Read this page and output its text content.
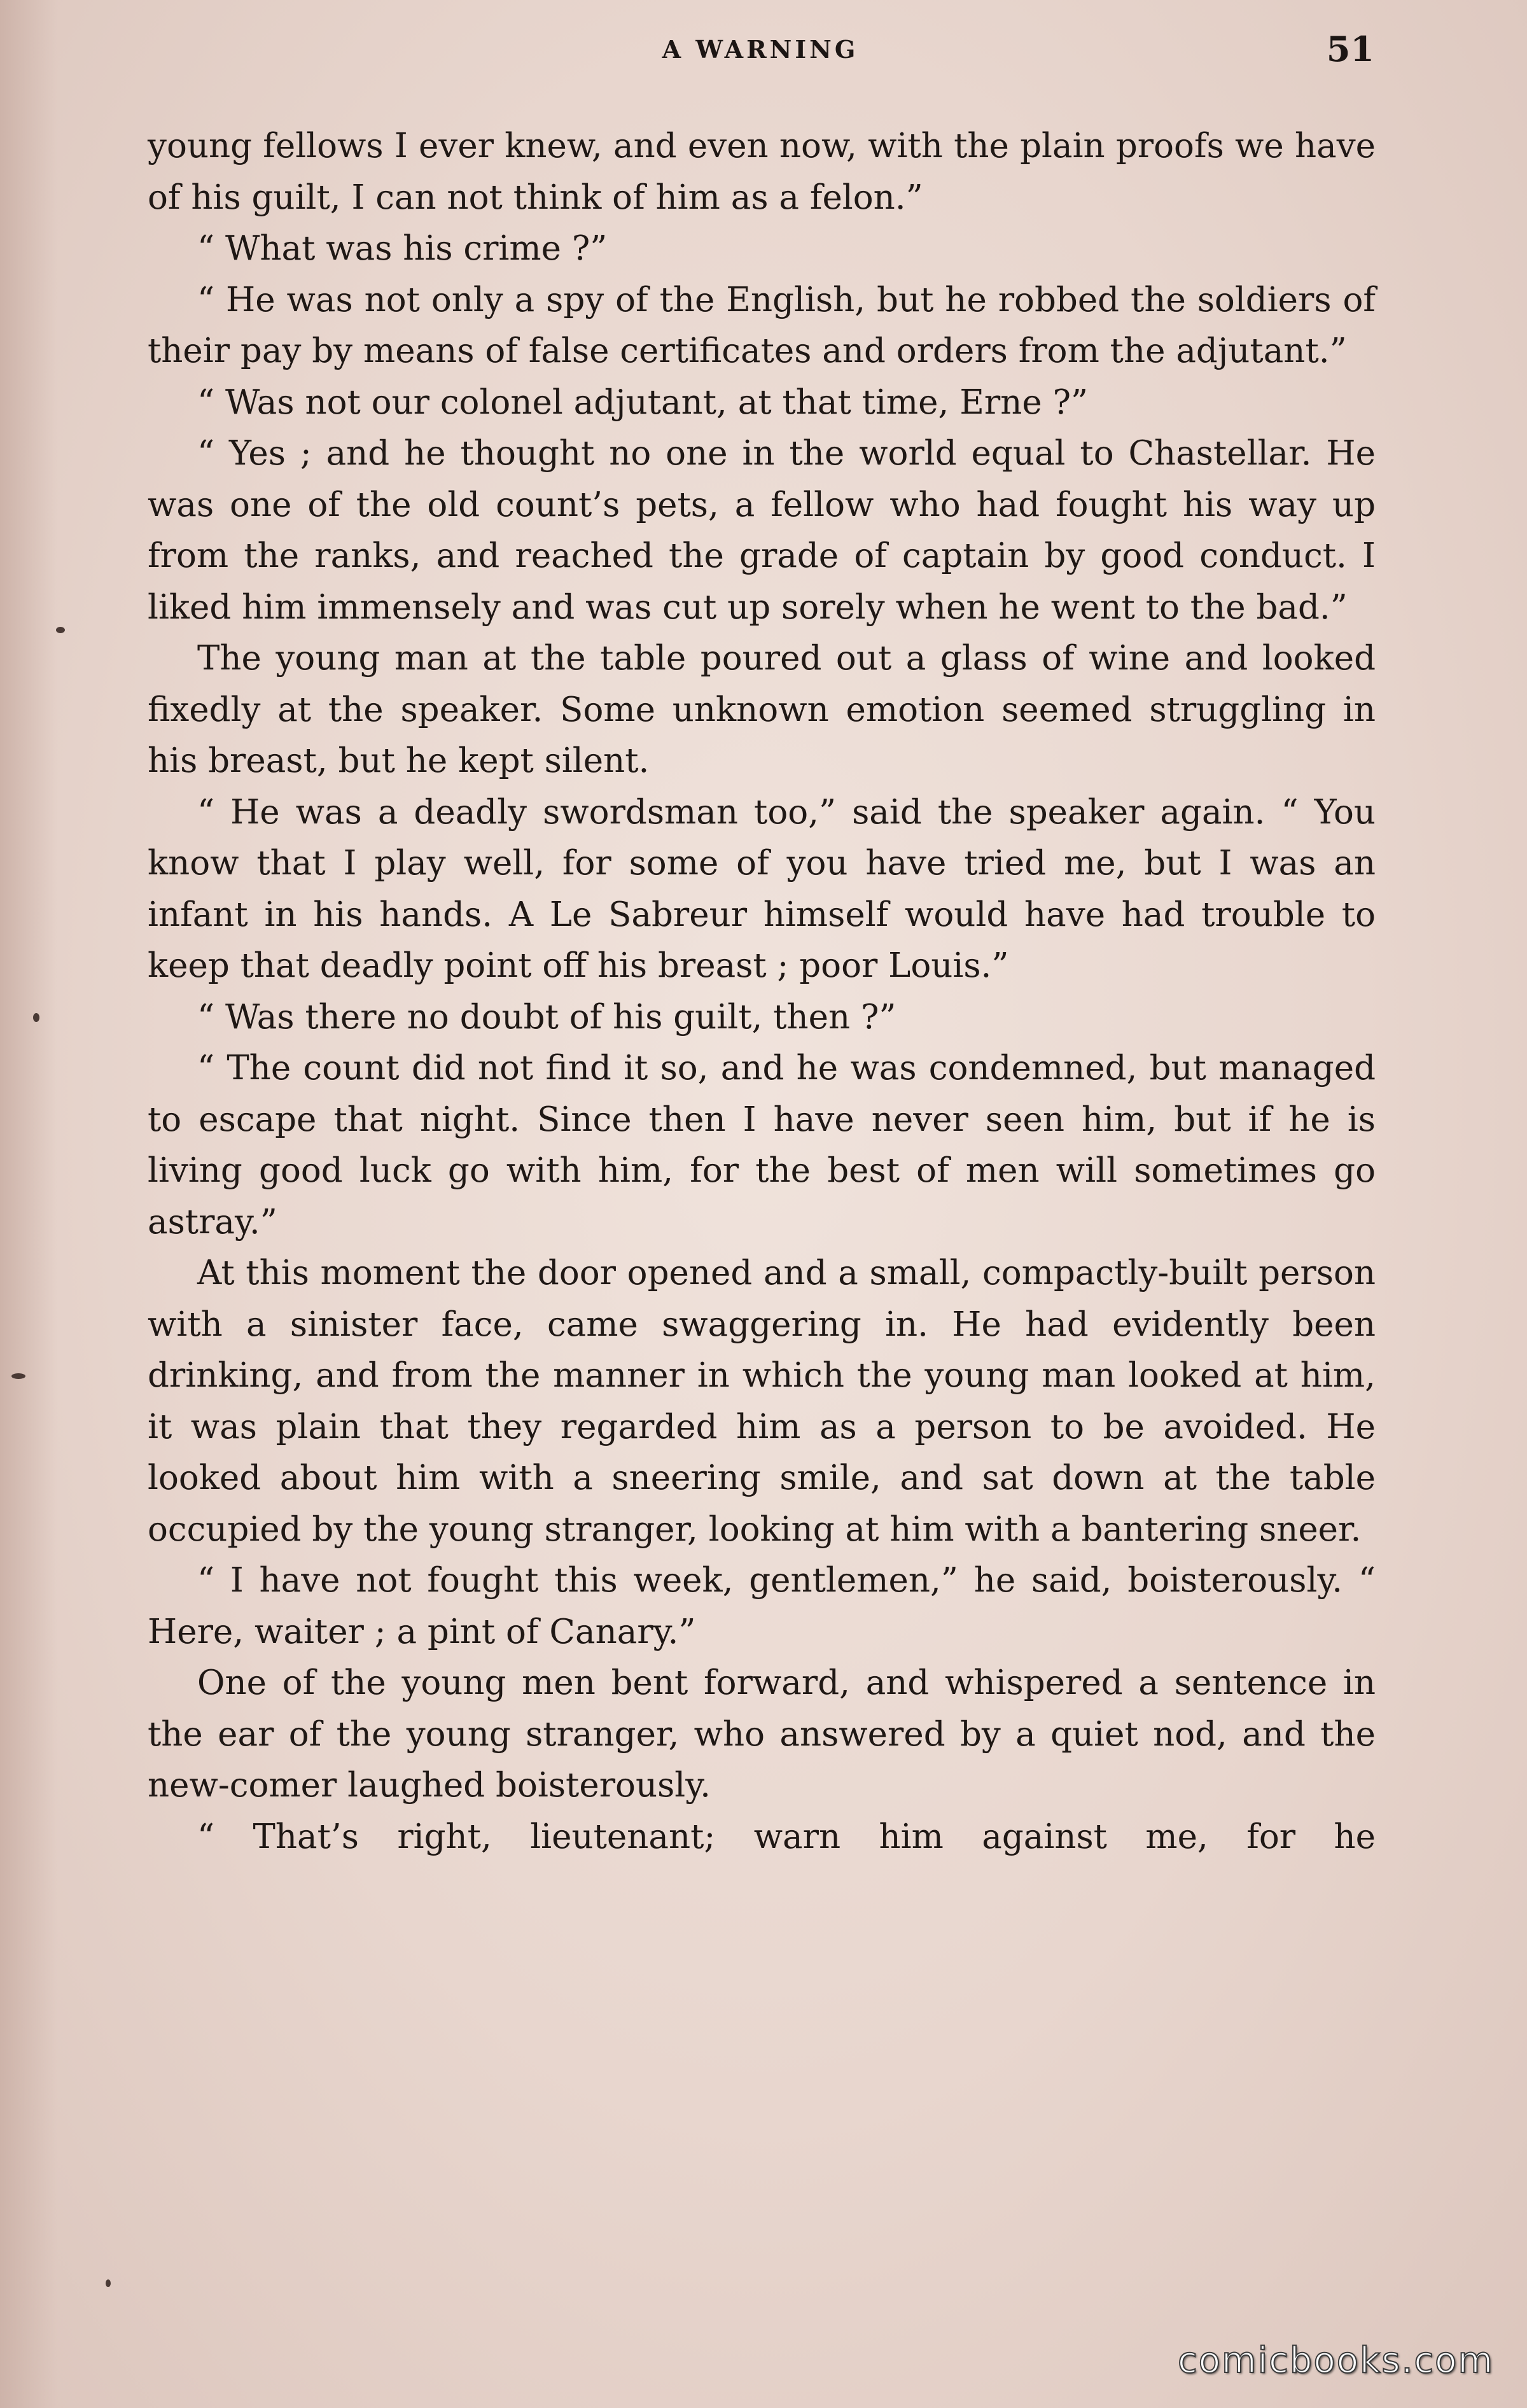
A WARNING	51

young fellows I ever knew, and even now, with the plain proofs we have of his guilt, I can not think of him as a felon.”

“ What was his crime ?”

“ He was not only a spy of the English, but he robbed the soldiers of their pay by means of false certificates and orders from the adjutant.”

“ Was not our colonel adjutant, at that time, Erne ?”

“ Yes ; and he thought no one in the world equal to Chastellar. He was one of the old count’s pets, a fellow who had fought his way up from the ranks, and reached the grade of captain by good conduct. I liked him immensely and was cut up sorely when he went to the bad.”

The young man at the table poured out a glass of wine and looked fixedly at the speaker. Some unknown emotion seemed struggling in his breast, but he kept silent.

“ He was a deadly swordsman too,” said the speaker again. “ You know that I play well, for some of you have tried me, but I was an infant in his hands. A Le Sabreur himself would have had trouble to keep that deadly point off his breast ; poor Louis.”

“ Was there no doubt of his guilt, then ?”

“ The count did not find it so, and he was condemned, but managed to escape that night. Since then I have never seen him, but if he is living good luck go with him, for the best of men will sometimes go astray.”

At this moment the door opened and a small, compactly-built person with a sinister face, came swaggering in. He had evidently been drinking, and from the manner in which the young man looked at him, it was plain that they regarded him as a person to be avoided. He looked about him with a sneering smile, and sat down at the table occupied by the young stranger, looking at him with a bantering sneer.

“ I have not fought this week, gentlemen,” he said, boisterously. “ Here, waiter ; a pint of Canary.”

One of the young men bent forward, and whispered a sentence in the ear of the young stranger, who answered by a quiet nod, and the new-comer laughed boisterously.

“ That’s right, lieutenant; warn him against me, for he

comicbooks.com
